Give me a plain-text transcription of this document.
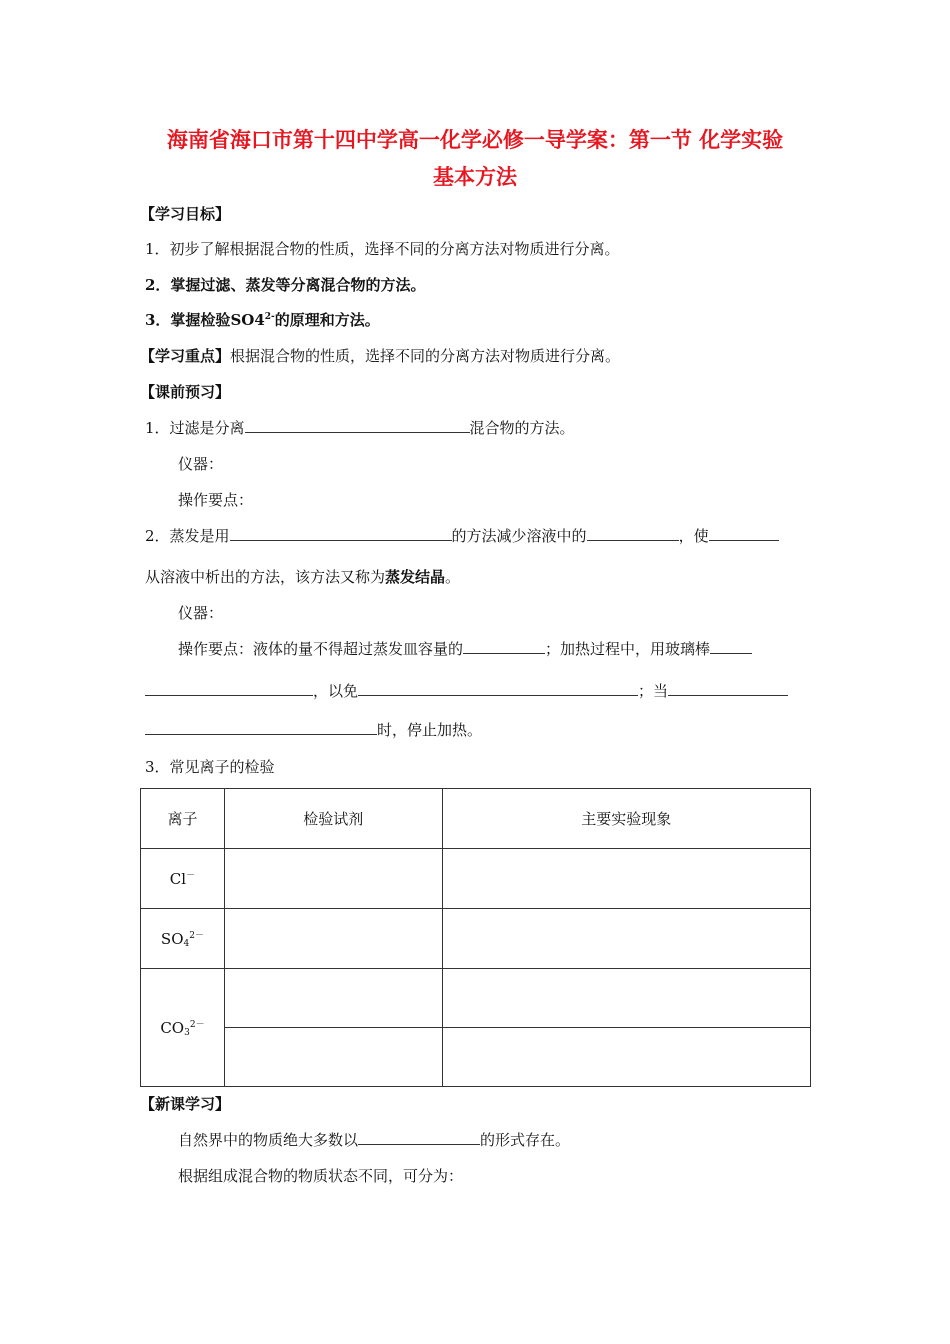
海南省海口市第十四中学高一化学必修一导学案：第一节 化学实验
基本方法
【学习目标】
1．初步了解根据混合物的性质，选择不同的分离方法对物质进行分离。
2．掌握过滤、蒸发等分离混合物的方法。
3．掌握检验$SO4^{2-}$的原理和方法。
【学习重点】根据混合物的性质，选择不同的分离方法对物质进行分离。
【课前预习】
1．过滤是分离	混合物的方法。
仪器：
操作要点：
2．蒸发是用	的方法减少溶液中的	，使
从溶液中析出的方法，该方法又称为蒸发结晶。
仪器：
操作要点：液体的量不得超过蒸发皿容量的	；加热过程中，用玻璃棒
，以免	；当
时，停止加热。
3．常见离子的检验
离子	检验试剂	主要实验现象
Cl－		
$SO_4^{2-}$		
$CO_3^{2-}$		

【新课学习】
自然界中的物质绝大多数以	的形式存在。
根据组成混合物的物质状态不同，可分为：
